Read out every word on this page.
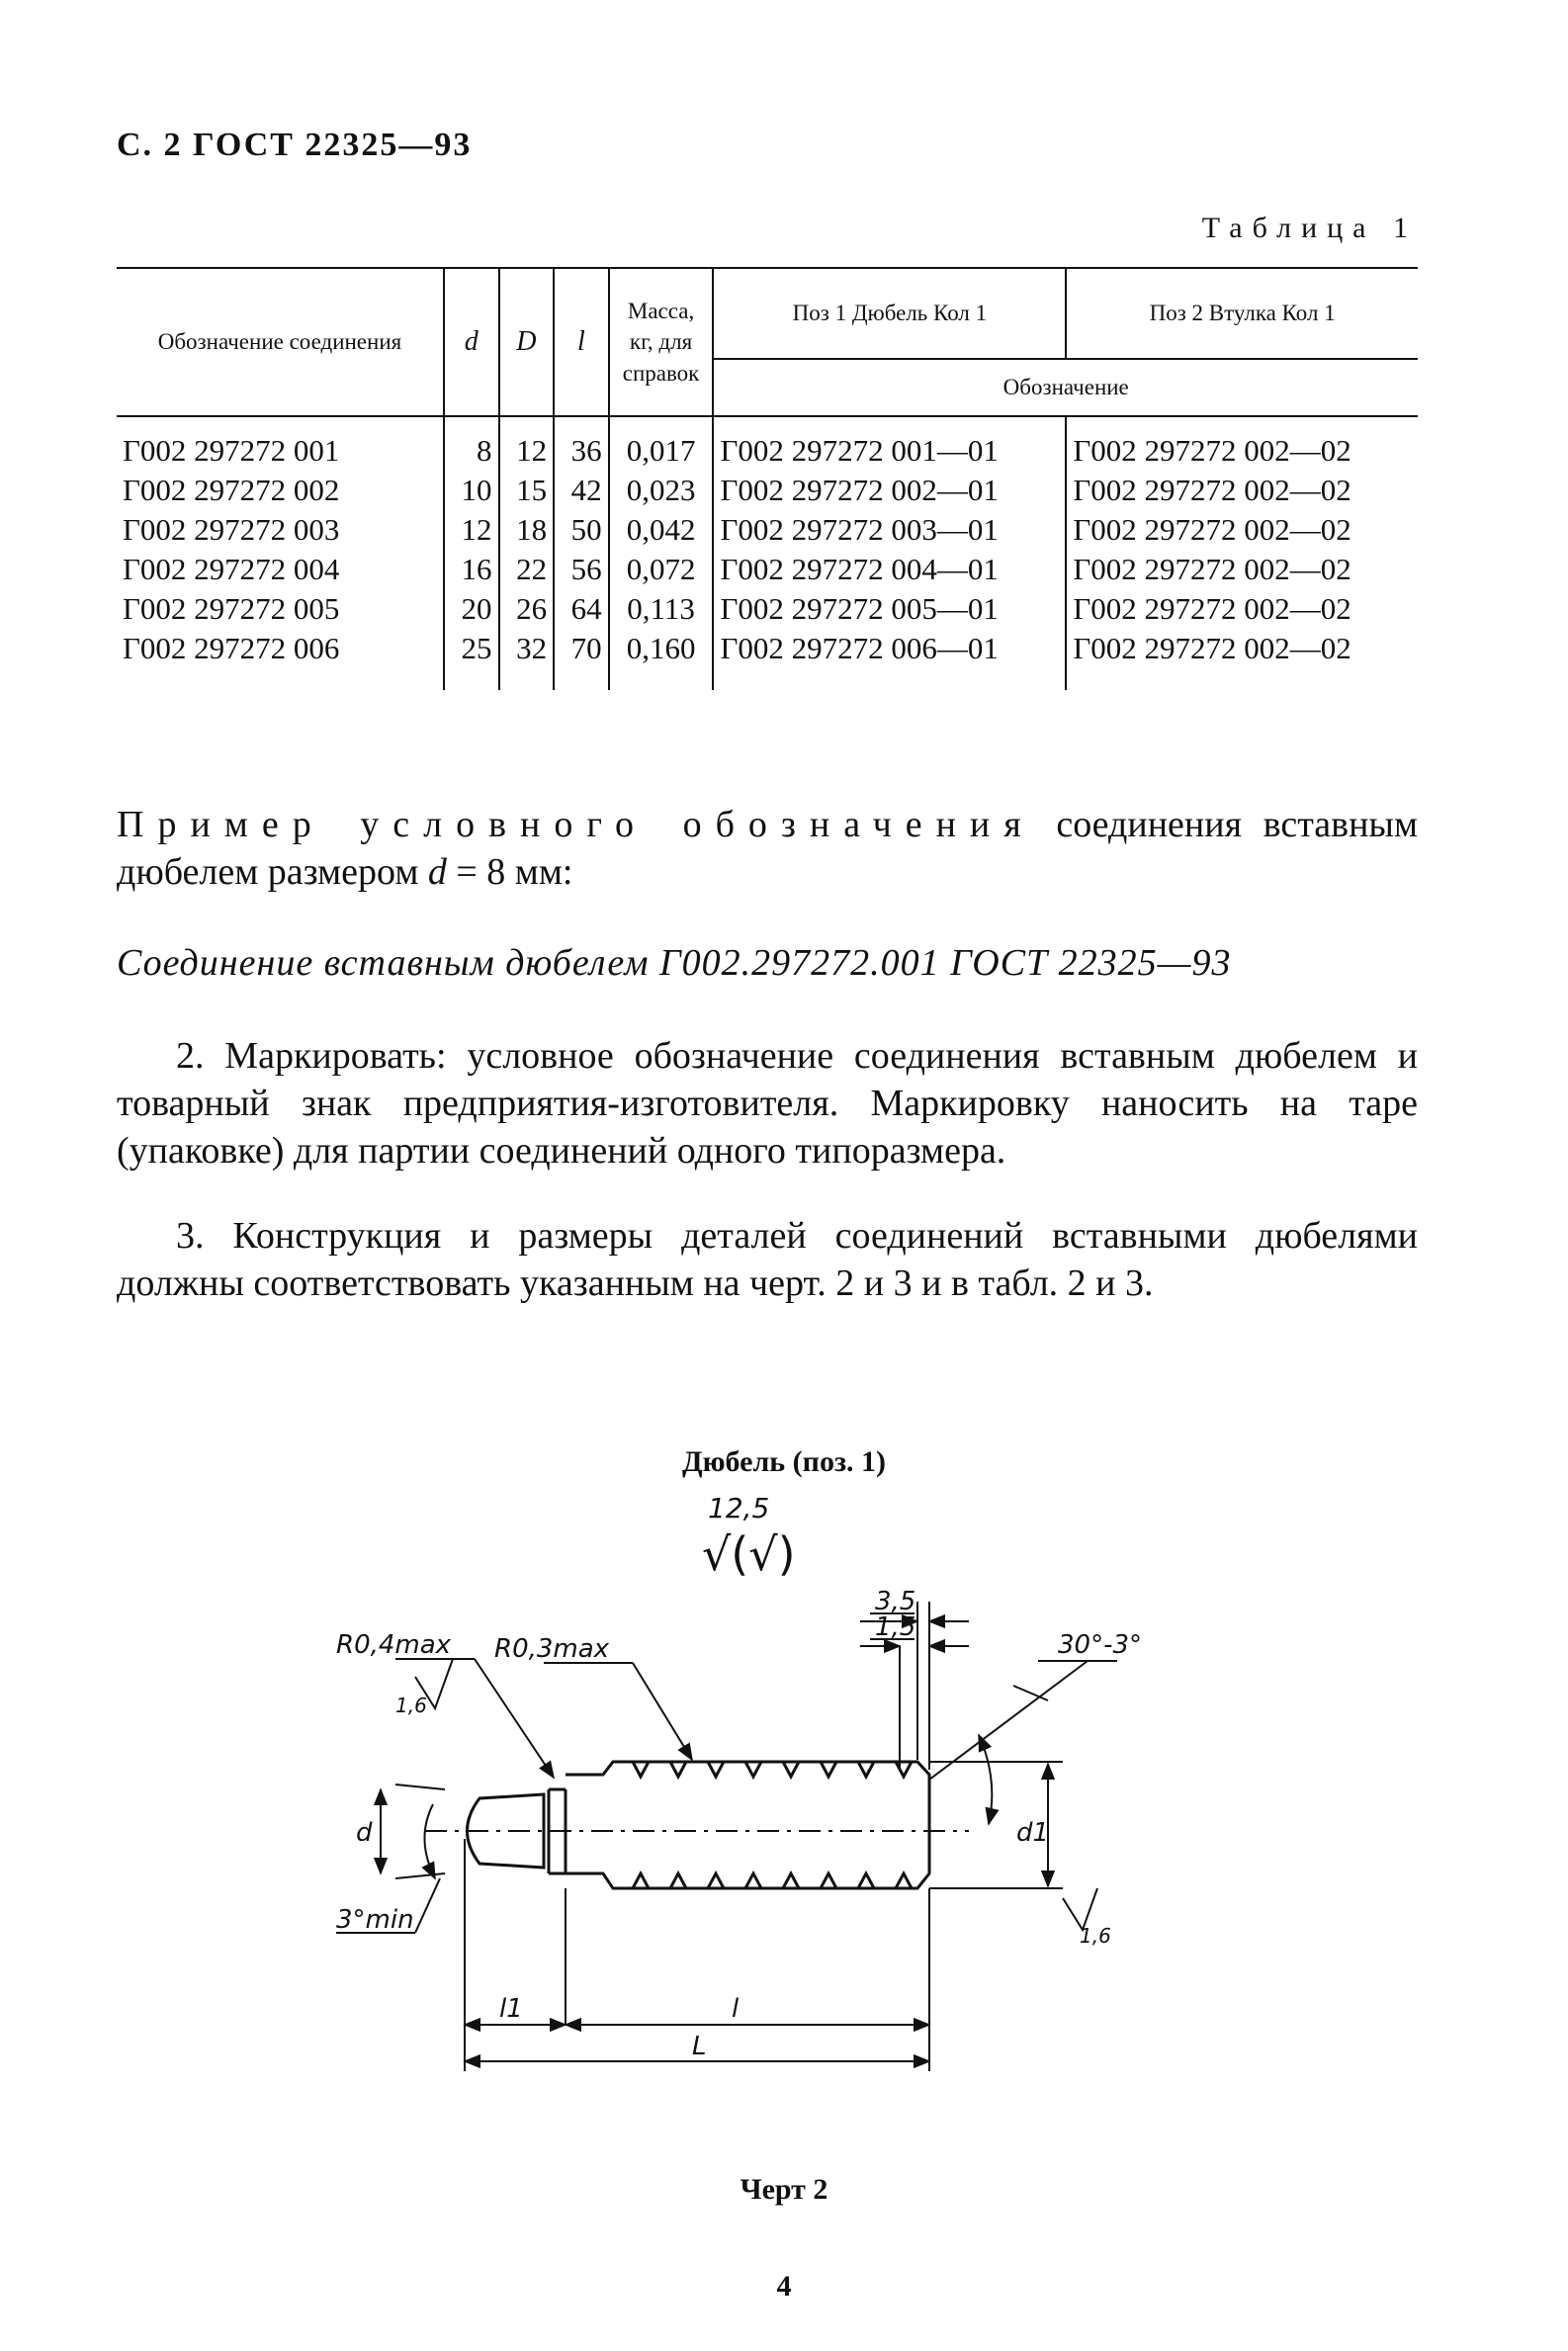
С. 2 ГОСТ 22325—93
Таблица 1
Обозначение соединения	d	D	l	Масса, кг, для справок	Поз 1 Дюбель Кол 1	Поз 2 Втулка Кол 1
					Обозначение	
Г002 297272 001	8	12	36	0,017	Г002 297272 001—01	Г002 297272 002—02
Г002 297272 002	10	15	42	0,023	Г002 297272 002—01	Г002 297272 002—02
Г002 297272 003	12	18	50	0,042	Г002 297272 003—01	Г002 297272 002—02
Г002 297272 004	16	22	56	0,072	Г002 297272 004—01	Г002 297272 002—02
Г002 297272 005	20	26	64	0,113	Г002 297272 005—01	Г002 297272 002—02
Г002 297272 006	25	32	70	0,160	Г002 297272 006—01	Г002 297272 002—02
Пример условного обозначения соединения вставным дюбелем размером d = 8 мм:
Соединение вставным дюбелем Г002.297272.001 ГОСТ 22325—93
2. Маркировать: условное обозначение соединения вставным дюбелем и товарный знак предприятия-изготовителя. Маркировку наносить на таре (упаковке) для партии соединений одного типоразмера.
3. Конструкция и размеры деталей соединений вставными дюбелями должны соответствовать указанным на черт. 2 и 3 и в табл. 2 и 3.
Дюбель (поз. 1)
12,5
√(√)
3,5
1,5
R0,4max R0,3max	30°-3°
1,6
d	d1
3°min
l1	l
L
1,6
Черт 2
4
